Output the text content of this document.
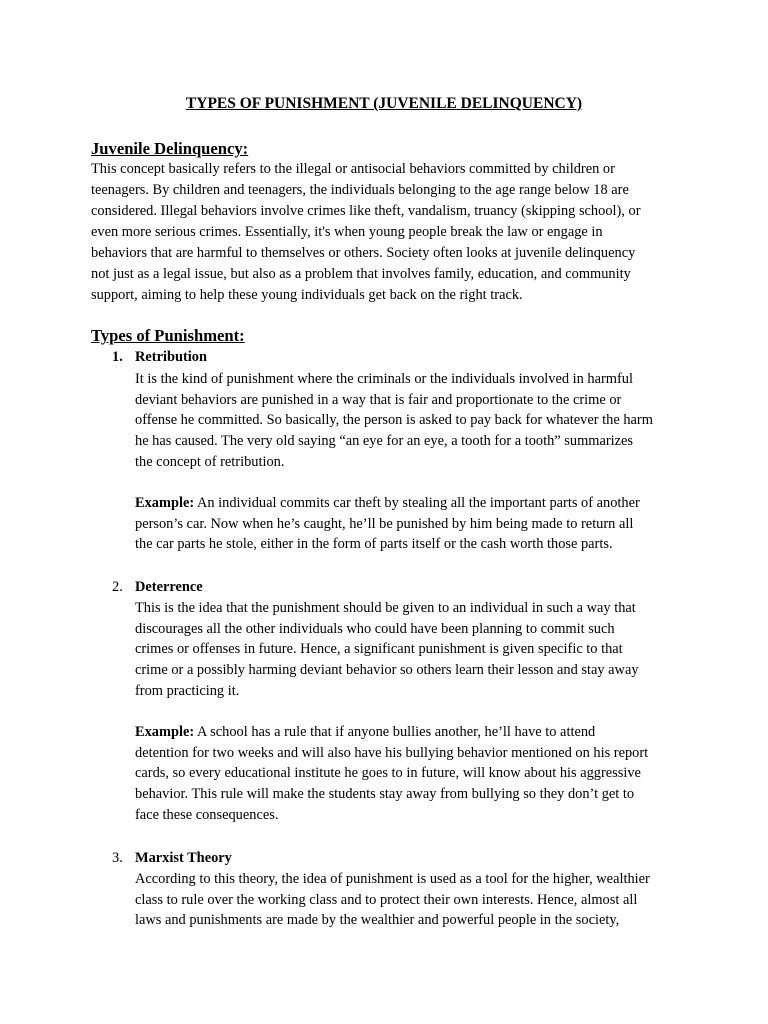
TYPES OF PUNISHMENT (JUVENILE DELINQUENCY)
Juvenile Delinquency:

This concept basically refers to the illegal or antisocial behaviors committed by children or
teenagers. By children and teenagers, the individuals belonging to the age range below 18 are
considered. Illegal behaviors involve crimes like theft, vandalism, truancy (skipping school), or
even more serious crimes. Essentially, it's when young people break the law or engage in
behaviors that are harmful to themselves or others. Society often looks at juvenile delinquency
not just as a legal issue, but also as a problem that involves family, education, and community
support, aiming to help these young individuals get back on the right track.

Types of Punishment:
1. Retribution

It is the kind of punishment where the criminals or the individuals involved in harmful
deviant behaviors are punished in a way that is fair and proportionate to the crime or
offense he committed. So basically, the person is asked to pay back for whatever the harm
he has caused. The very old saying “an eye for an eye, a tooth for a tooth” summarizes
the concept of retribution.

Example: An individual commits car theft by stealing all the important parts of another
person’s car. Now when he’s caught, he’ll be punished by him being made to return all
the car parts he stole, either in the form of parts itself or the cash worth those parts.

2. Deterrence

This is the idea that the punishment should be given to an individual in such a way that
discourages all the other individuals who could have been planning to commit such
crimes or offenses in future. Hence, a significant punishment is given specific to that
crime or a possibly harming deviant behavior so others learn their lesson and stay away
from practicing it.

Example: A school has a rule that if anyone bullies another, he’ll have to attend
detention for two weeks and will also have his bullying behavior mentioned on his report
cards, so every educational institute he goes to in future, will know about his aggressive
behavior. This rule will make the students stay away from bullying so they don’t get to
face these consequences.

3. Marxist Theory

According to this theory, the idea of punishment is used as a tool for the higher, wealthier
class to rule over the working class and to protect their own interests. Hence, almost all
laws and punishments are made by the wealthier and powerful people in the society,
